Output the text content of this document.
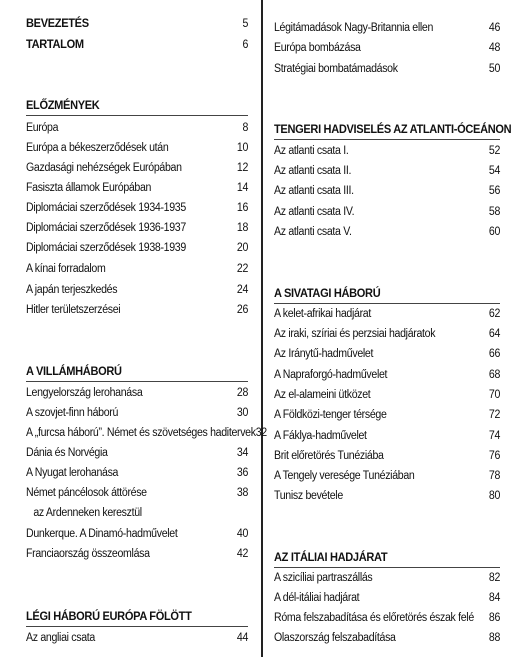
BEVEZETÉS	5
TARTALOM	6
ELŐZMÉNYEK
Európa	8
Európa a békeszerződések után	10
Gazdasági nehézségek Európában	12
Fasiszta államok Európában	14
Diplomáciai szerződések 1934-1935	16
Diplomáciai szerződések 1936-1937	18
Diplomáciai szerződések 1938-1939	20
A kínai forradalom	22
A japán terjeszkedés	24
Hitler területszerzései	26
A VILLÁMHÁBORÚ
Lengyelország lerohanása	28
A szovjet-finn háború	30
A „furcsa háború”. Német és szövetséges haditervek 32
Dánia és Norvégia	34
A Nyugat lerohanása	36
Német páncélosok áttörése	38
az Ardenneken keresztül
Dunkerque. A Dinamó-hadművelet	40
Franciaország összeomlása	42
LÉGI HÁBORÚ EURÓPA FÖLÖTT
Az angliai csata	44
Légitámadások Nagy-Britannia ellen	46
Európa bombázása	48
Stratégiai bombatámadások	50
TENGERI HADVISELÉS AZ ATLANTI-ÓCEÁNON
Az atlanti csata I.	52
Az atlanti csata II.	54
Az atlanti csata III.	56
Az atlanti csata IV.	58
Az atlanti csata V.	60
A SIVATAGI HÁBORÚ
A kelet-afrikai hadjárat	62
Az iraki, szíriai és perzsiai hadjáratok	64
Az Iránytű-hadművelet	66
A Napraforgó-hadművelet	68
Az el-alameini ütközet	70
A Földközi-tenger térsége	72
A Fáklya-hadművelet	74
Brit előretörés Tunéziába	76
A Tengely veresége Tunéziában	78
Tunisz bevétele	80
AZ ITÁLIAI HADJÁRAT
A szicíliai partraszállás	82
A dél-itáliai hadjárat	84
Róma felszabadítása és előretörés észak felé 86
Olaszország felszabadítása	88
